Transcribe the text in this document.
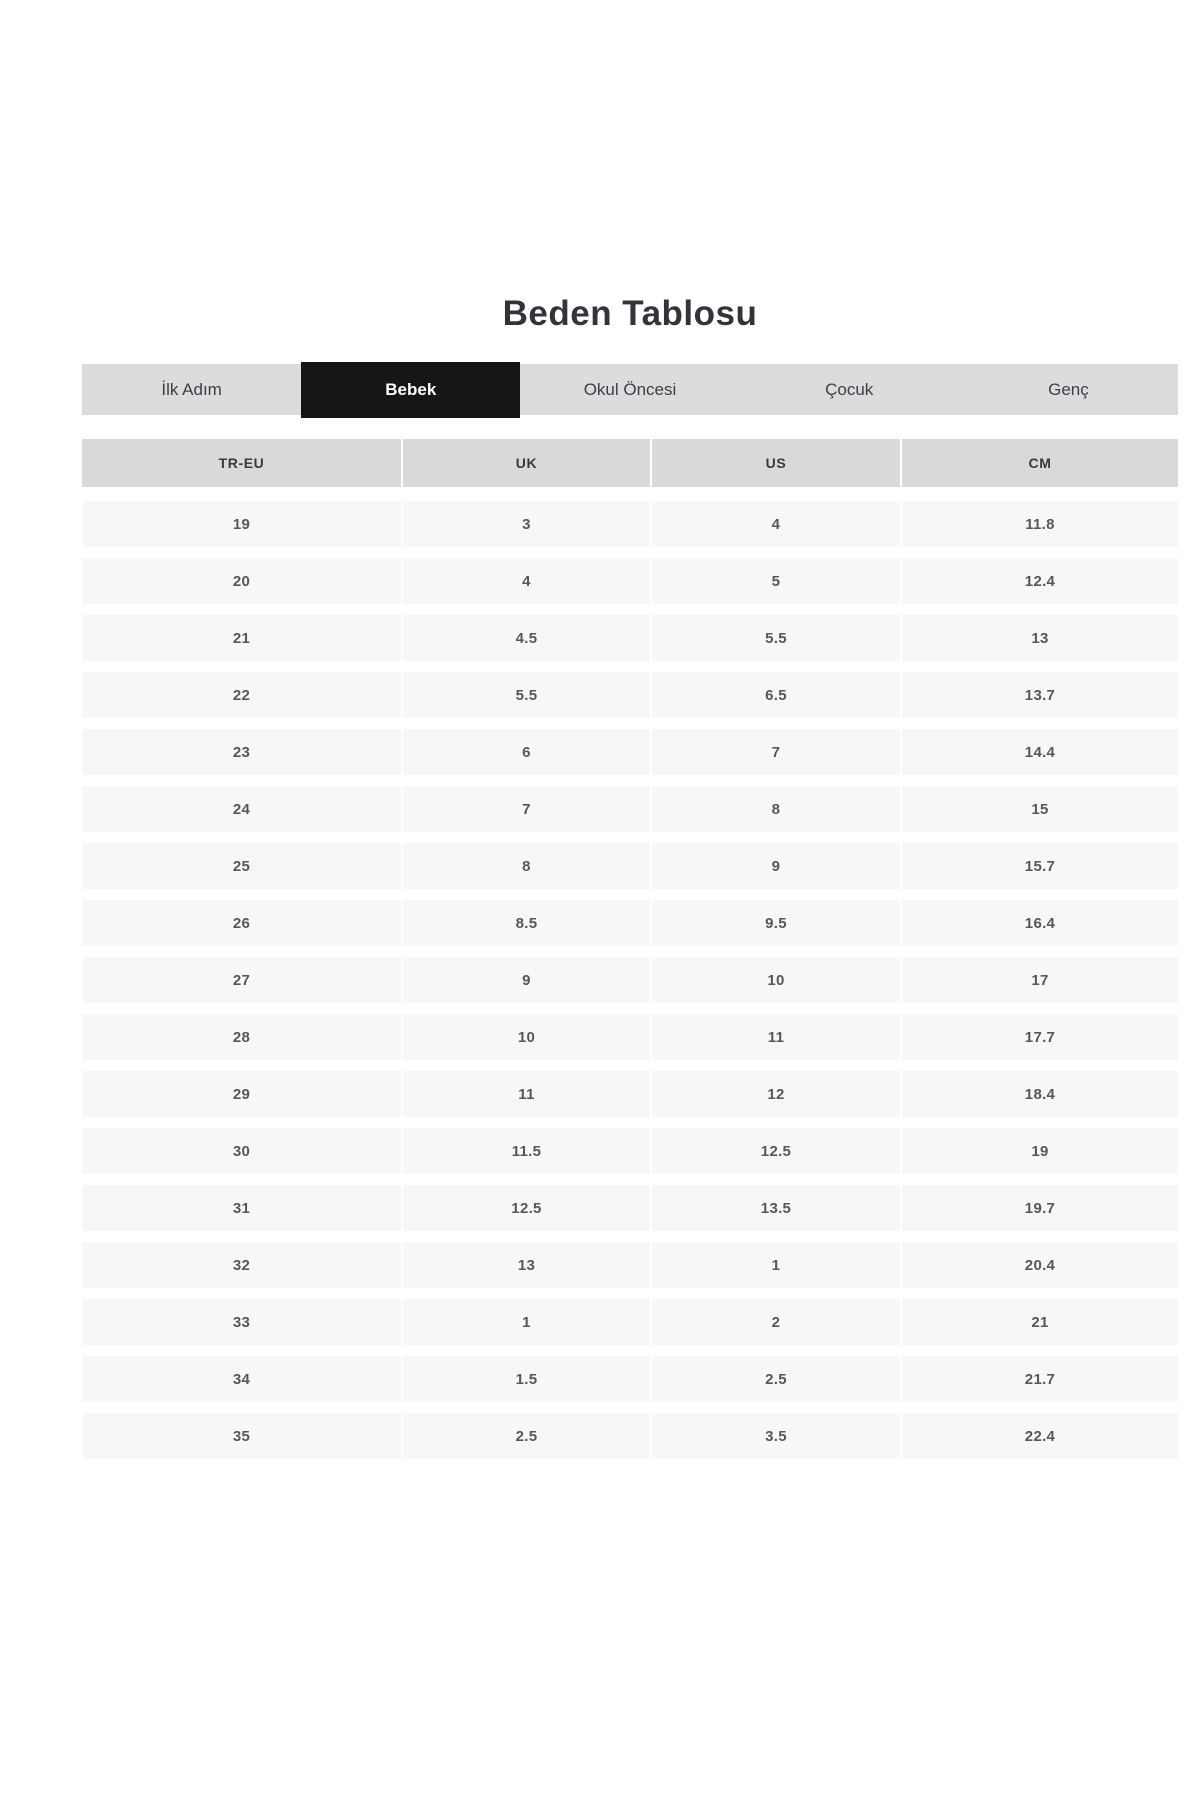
Beden Tablosu
İlk Adım	Bebek	Okul Öncesi	Çocuk	Genç
TR-EU	UK	US	CM
19	3	4	11.8
20	4	5	12.4
21	4.5	5.5	13
22	5.5	6.5	13.7
23	6	7	14.4
24	7	8	15
25	8	9	15.7
26	8.5	9.5	16.4
27	9	10	17
28	10	11	17.7
29	11	12	18.4
30	11.5	12.5	19
31	12.5	13.5	19.7
32	13	1	20.4
33	1	2	21
34	1.5	2.5	21.7
35	2.5	3.5	22.4
